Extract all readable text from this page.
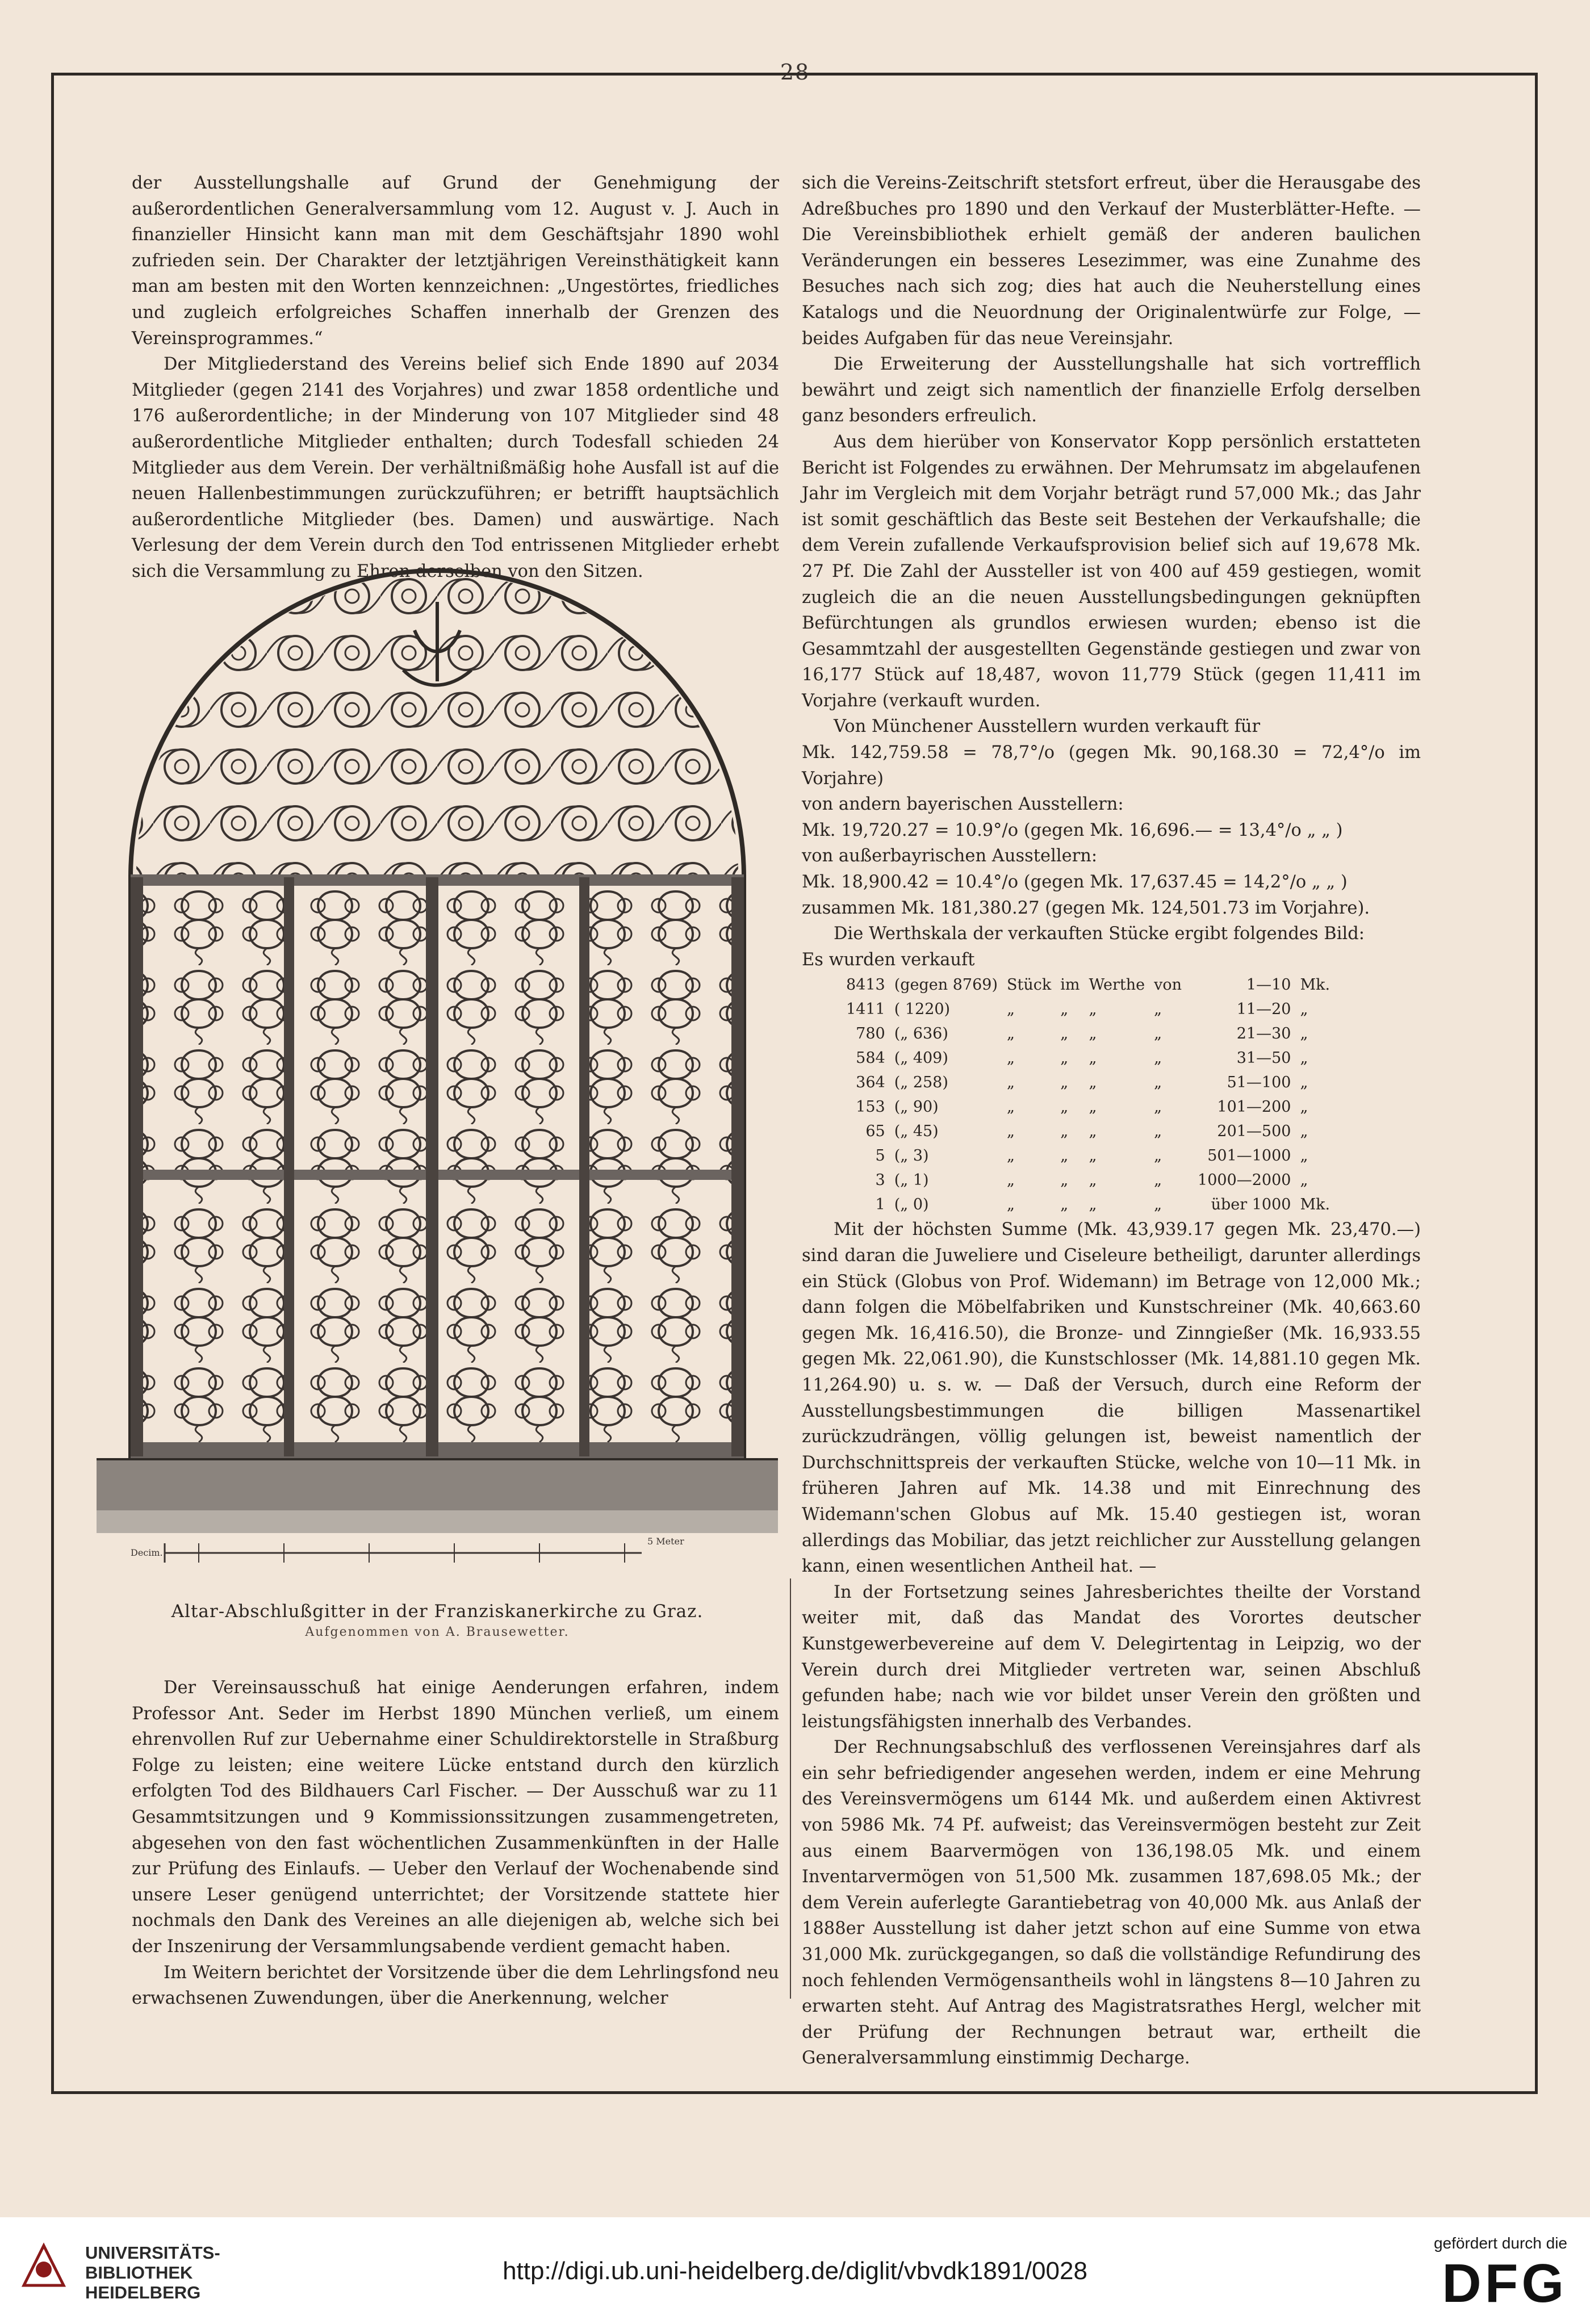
28

der Ausstellungshalle auf Grund der Genehmigung der außerordentlichen Generalversammlung vom 12. August v. J. Auch in finanzieller Hinsicht kann man mit dem Geschäftsjahr 1890 wohl zufrieden sein. Der Charakter der letztjährigen Vereinsthätigkeit kann man am besten mit den Worten kennzeichnen: „Ungestörtes, friedliches und zugleich erfolgreiches Schaffen innerhalb der Grenzen des Vereinsprogrammes.“

Der Mitgliederstand des Vereins belief sich Ende 1890 auf 2034 Mitglieder (gegen 2141 des Vorjahres) und zwar 1858 ordentliche und 176 außerordentliche; in der Minderung von 107 Mitglieder sind 48 außerordentliche Mitglieder enthalten; durch Todesfall schieden 24 Mitglieder aus dem Verein. Der verhältnißmäßig hohe Ausfall ist auf die neuen Hallenbestimmungen zurückzuführen; er betrifft hauptsächlich außerordentliche Mitglieder (bes. Damen) und auswärtige. Nach Verlesung der dem Verein durch den Tod entrissenen Mitglieder erhebt sich die Versammlung zu Ehren derselben von den Sitzen.

Decim.
5 Meter
Altar-Abschlußgitter in der Franziskanerkirche zu Graz.
Aufgenommen von A. Brausewetter.

Der Vereinsausschuß hat einige Aenderungen erfahren, indem Professor Ant. Seder im Herbst 1890 München verließ, um einem ehrenvollen Ruf zur Uebernahme einer Schuldirektorstelle in Straßburg Folge zu leisten; eine weitere Lücke entstand durch den kürzlich erfolgten Tod des Bildhauers Carl Fischer. — Der Ausschuß war zu 11 Gesammtsitzungen und 9 Kommissionssitzungen zusammengetreten, abgesehen von den fast wöchentlichen Zusammenkünften in der Halle zur Prüfung des Einlaufs. — Ueber den Verlauf der Wochenabende sind unsere Leser genügend unterrichtet; der Vorsitzende stattete hier nochmals den Dank des Vereines an alle diejenigen ab, welche sich bei der Inszenirung der Versammlungsabende verdient gemacht haben.

Im Weitern berichtet der Vorsitzende über die dem Lehrlingsfond neu erwachsenen Zuwendungen, über die Anerkennung, welcher

sich die Vereins-Zeitschrift stetsfort erfreut, über die Herausgabe des Adreßbuches pro 1890 und den Verkauf der Musterblätter-Hefte. — Die Vereinsbibliothek erhielt gemäß der anderen baulichen Veränderungen ein besseres Lesezimmer, was eine Zunahme des Besuches nach sich zog; dies hat auch die Neuherstellung eines Katalogs und die Neuordnung der Originalentwürfe zur Folge, — beides Aufgaben für das neue Vereinsjahr.

Die Erweiterung der Ausstellungshalle hat sich vortrefflich bewährt und zeigt sich namentlich der finanzielle Erfolg derselben ganz besonders erfreulich.

Aus dem hierüber von Konservator Kopp persönlich erstatteten Bericht ist Folgendes zu erwähnen. Der Mehrumsatz im abgelaufenen Jahr im Vergleich mit dem Vorjahr beträgt rund 57,000 Mk.; das Jahr ist somit geschäftlich das Beste seit Bestehen der Verkaufshalle; die dem Verein zufallende Verkaufsprovision belief sich auf 19,678 Mk. 27 Pf. Die Zahl der Aussteller ist von 400 auf 459 gestiegen, womit zugleich die an die neuen Ausstellungsbedingungen geknüpften Befürchtungen als grundlos erwiesen wurden; ebenso ist die Gesammtzahl der ausgestellten Gegenstände gestiegen und zwar von 16,177 Stück auf 18,487, wovon 11,779 Stück (gegen 11,411 im Vorjahre (verkauft wurden.

Von Münchener Ausstellern wurden verkauft für

Mk. 142,759.58 = 78,7°/o (gegen Mk. 90,168.30 = 72,4°/o im Vorjahre)

von andern bayerischen Ausstellern:

Mk. 19,720.27 = 10.9°/o (gegen Mk. 16,696.— = 13,4°/o „ „ )

von außerbayrischen Ausstellern:

Mk. 18,900.42 = 10.4°/o (gegen Mk. 17,637.45 = 14,2°/o „ „ )

zusammen Mk. 181,380.27 (gegen Mk. 124,501.73 im Vorjahre).

Die Werthskala der verkauften Stücke ergibt folgendes Bild:

Es wurden verkauft

8413	(gegen 8769)	Stück	im	Werthe	von	1—10	Mk.
1411	( 1220)	„	„	„	„	11—20	„
780	(„ 636)	„	„	„	„	21—30	„
584	(„ 409)	„	„	„	„	31—50	„
364	(„ 258)	„	„	„	„	51—100	„
153	(„ 90)	„	„	„	„	101—200	„
65	(„ 45)	„	„	„	„	201—500	„
5	(„ 3)	„	„	„	„	501—1000	„
3	(„ 1)	„	„	„	„	1000—2000	„
1	(„ 0)	„	„	„	„	über 1000	Mk.

Mit der höchsten Summe (Mk. 43,939.17 gegen Mk. 23,470.—) sind daran die Juweliere und Ciseleure betheiligt, darunter allerdings ein Stück (Globus von Prof. Widemann) im Betrage von 12,000 Mk.; dann folgen die Möbelfabriken und Kunstschreiner (Mk. 40,663.60 gegen Mk. 16,416.50), die Bronze- und Zinngießer (Mk. 16,933.55 gegen Mk. 22,061.90), die Kunstschlosser (Mk. 14,881.10 gegen Mk. 11,264.90) u. s. w. — Daß der Versuch, durch eine Reform der Ausstellungsbestimmungen die billigen Massenartikel zurückzudrängen, völlig gelungen ist, beweist namentlich der Durchschnittspreis der verkauften Stücke, welche von 10—11 Mk. in früheren Jahren auf Mk. 14.38 und mit Einrechnung des Widemann'schen Globus auf Mk. 15.40 gestiegen ist, woran allerdings das Mobiliar, das jetzt reichlicher zur Ausstellung gelangen kann, einen wesentlichen Antheil hat. —

In der Fortsetzung seines Jahresberichtes theilte der Vorstand weiter mit, daß das Mandat des Vorortes deutscher Kunstgewerbevereine auf dem V. Delegirtentag in Leipzig, wo der Verein durch drei Mitglieder vertreten war, seinen Abschluß gefunden habe; nach wie vor bildet unser Verein den größten und leistungsfähigsten innerhalb des Verbandes.

Der Rechnungsabschluß des verflossenen Vereinsjahres darf als ein sehr befriedigender angesehen werden, indem er eine Mehrung des Vereinsvermögens um 6144 Mk. und außerdem einen Aktivrest von 5986 Mk. 74 Pf. aufweist; das Vereinsvermögen besteht zur Zeit aus einem Baarvermögen von 136,198.05 Mk. und einem Inventarvermögen von 51,500 Mk. zusammen 187,698.05 Mk.; der dem Verein auferlegte Garantiebetrag von 40,000 Mk. aus Anlaß der 1888er Ausstellung ist daher jetzt schon auf eine Summe von etwa 31,000 Mk. zurückgegangen, so daß die vollständige Refundirung des noch fehlenden Vermögensantheils wohl in längstens 8—10 Jahren zu erwarten steht. Auf Antrag des Magistratsrathes Hergl, welcher mit der Prüfung der Rechnungen betraut war, ertheilt die Generalversammlung einstimmig Decharge.

UNIVERSITÄTS-
BIBLIOTHEK
HEIDELBERG
http://digi.ub.uni-heidelberg.de/diglit/vbvdk1891/0028
gefördert durch die
DFG
